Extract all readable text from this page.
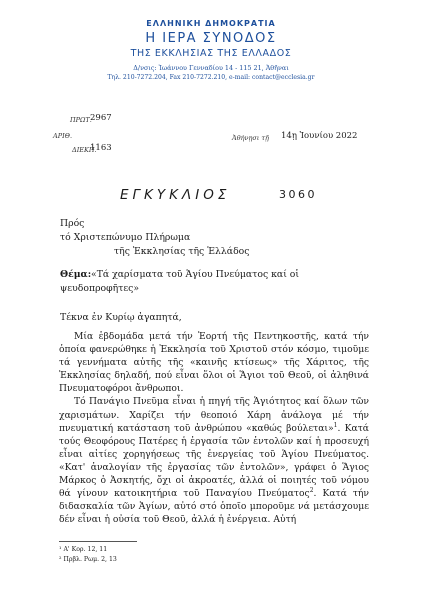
ΕΛΛΗΝΙΚΗ ΔΗΜΟΚΡΑΤΙΑ
Η ΙΕΡΑ ΣΥΝΟΔΟΣ
ΤΗΣ ΕΚΚΛΗΣΙΑΣ ΤΗΣ ΕΛΛΑΔΟΣ
Δ/νσις: Ἰωάννου Γενναδίου 14 - 115 21, Ἀθῆναι
Τηλ. 210-7272.204, Fax 210-7272.210, e-mail: contact@ecclesia.gr
ΠΡΩΤ.
2967
ΑΡΙΘ.
ΔΙΕΚΠ.
1163
Ἀθήνῃσι τῇ 14ῃ Ἰουνίου 2022
ΕΓΚΥΚΛΙΟΣ	3060
Πρός
τό Χριστεπώνυμο Πλήρωμα
τῆς Ἐκκλησίας τῆς Ἑλλάδος
Θέμα: «Τά χαρίσματα τοῦ Ἁγίου Πνεύματος καί οἱ
ψευδοπροφῆτες»
Τέκνα ἐν Κυρίῳ ἀγαπητά,

Μία ἑβδομάδα μετά τήν Ἑορτή τῆς Πεντηκοστῆς, κατά τήν ὁποία φανερώθηκε ἡ Ἐκκλησία τοῦ Χριστοῦ στόν κόσμο, τιμοῦμε τά γεννήματα αὐτῆς τῆς «καινῆς κτίσεως» τῆς Χάριτος, τῆς Ἐκκλησίας δηλαδή, πού εἶναι ὅλοι οἱ Ἅγιοι τοῦ Θεοῦ, οἱ ἀληθινά Πνευματοφόροι ἄνθρωποι.

Τό Πανάγιο Πνεῦμα εἶναι ἡ πηγή τῆς Ἁγιότητος καί ὅλων τῶν χαρισμάτων. Χαρίζει τήν θεοποιό Χάρη ἀνάλογα μέ τήν πνευματική κατάσταση τοῦ ἀνθρώπου «καθώς βούλεται»$^1$. Κατά τούς Θεοφόρους Πατέρες ἡ ἐργασία τῶν ἐντολῶν καί ἡ προσευχή εἶναι αἰτίες χορηγήσεως τῆς ἐνεργείας τοῦ Ἁγίου Πνεύματος. «Κατ' ἀναλογίαν τῆς ἐργασίας τῶν ἐντολῶν», γράφει ὁ Ἅγιος Μάρκος ὁ Ἀσκητής, ὄχι οἱ ἀκροατές, ἀλλά οἱ ποιητές τοῦ νόμου θά γίνουν κατοικητήρια τοῦ Παναγίου Πνεύματος$^2$. Κατά τήν διδασκαλία τῶν Ἁγίων, αὐτό στό ὁποῖο μποροῦμε νά μετάσχουμε δέν εἶναι ἡ οὐσία τοῦ Θεοῦ, ἀλλά ἡ ἐνέργεια. Αὐτή

¹ Α' Κορ. 12, 11
² Πρβλ. Ρωμ. 2, 13
